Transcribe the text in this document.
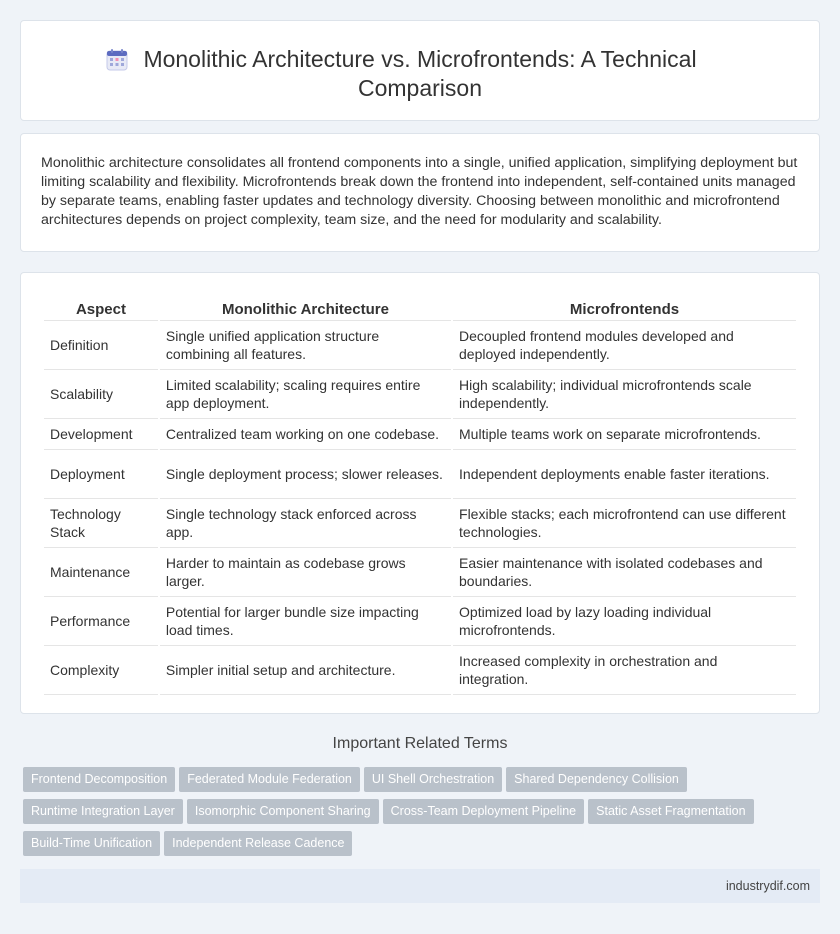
Monolithic Architecture vs. Microfrontends: A Technical Comparison

Monolithic architecture consolidates all frontend components into a single, unified application, simplifying deployment but limiting scalability and flexibility. Microfrontends break down the frontend into independent, self-contained units managed by separate teams, enabling faster updates and technology diversity. Choosing between monolithic and microfrontend architectures depends on project complexity, team size, and the need for modularity and scalability.

Aspect	Monolithic Architecture	Microfrontends
Definition	Single unified application structure combining all features.	Decoupled frontend modules developed and deployed independently.
Scalability	Limited scalability; scaling requires entire app deployment.	High scalability; individual microfrontends scale independently.
Development	Centralized team working on one codebase.	Multiple teams work on separate microfrontends.
Deployment	Single deployment process; slower releases.	Independent deployments enable faster iterations.
Technology Stack	Single technology stack enforced across app.	Flexible stacks; each microfrontend can use different technologies.
Maintenance	Harder to maintain as codebase grows larger.	Easier maintenance with isolated codebases and boundaries.
Performance	Potential for larger bundle size impacting load times.	Optimized load by lazy loading individual microfrontends.
Complexity	Simpler initial setup and architecture.	Increased complexity in orchestration and integration.
Important Related Terms
Frontend Decomposition Federated Module Federation UI Shell Orchestration Shared Dependency Collision
Runtime Integration Layer Isomorphic Component Sharing Cross-Team Deployment Pipeline Static Asset Fragmentation
Build-Time Unification Independent Release Cadence
industrydif.com
